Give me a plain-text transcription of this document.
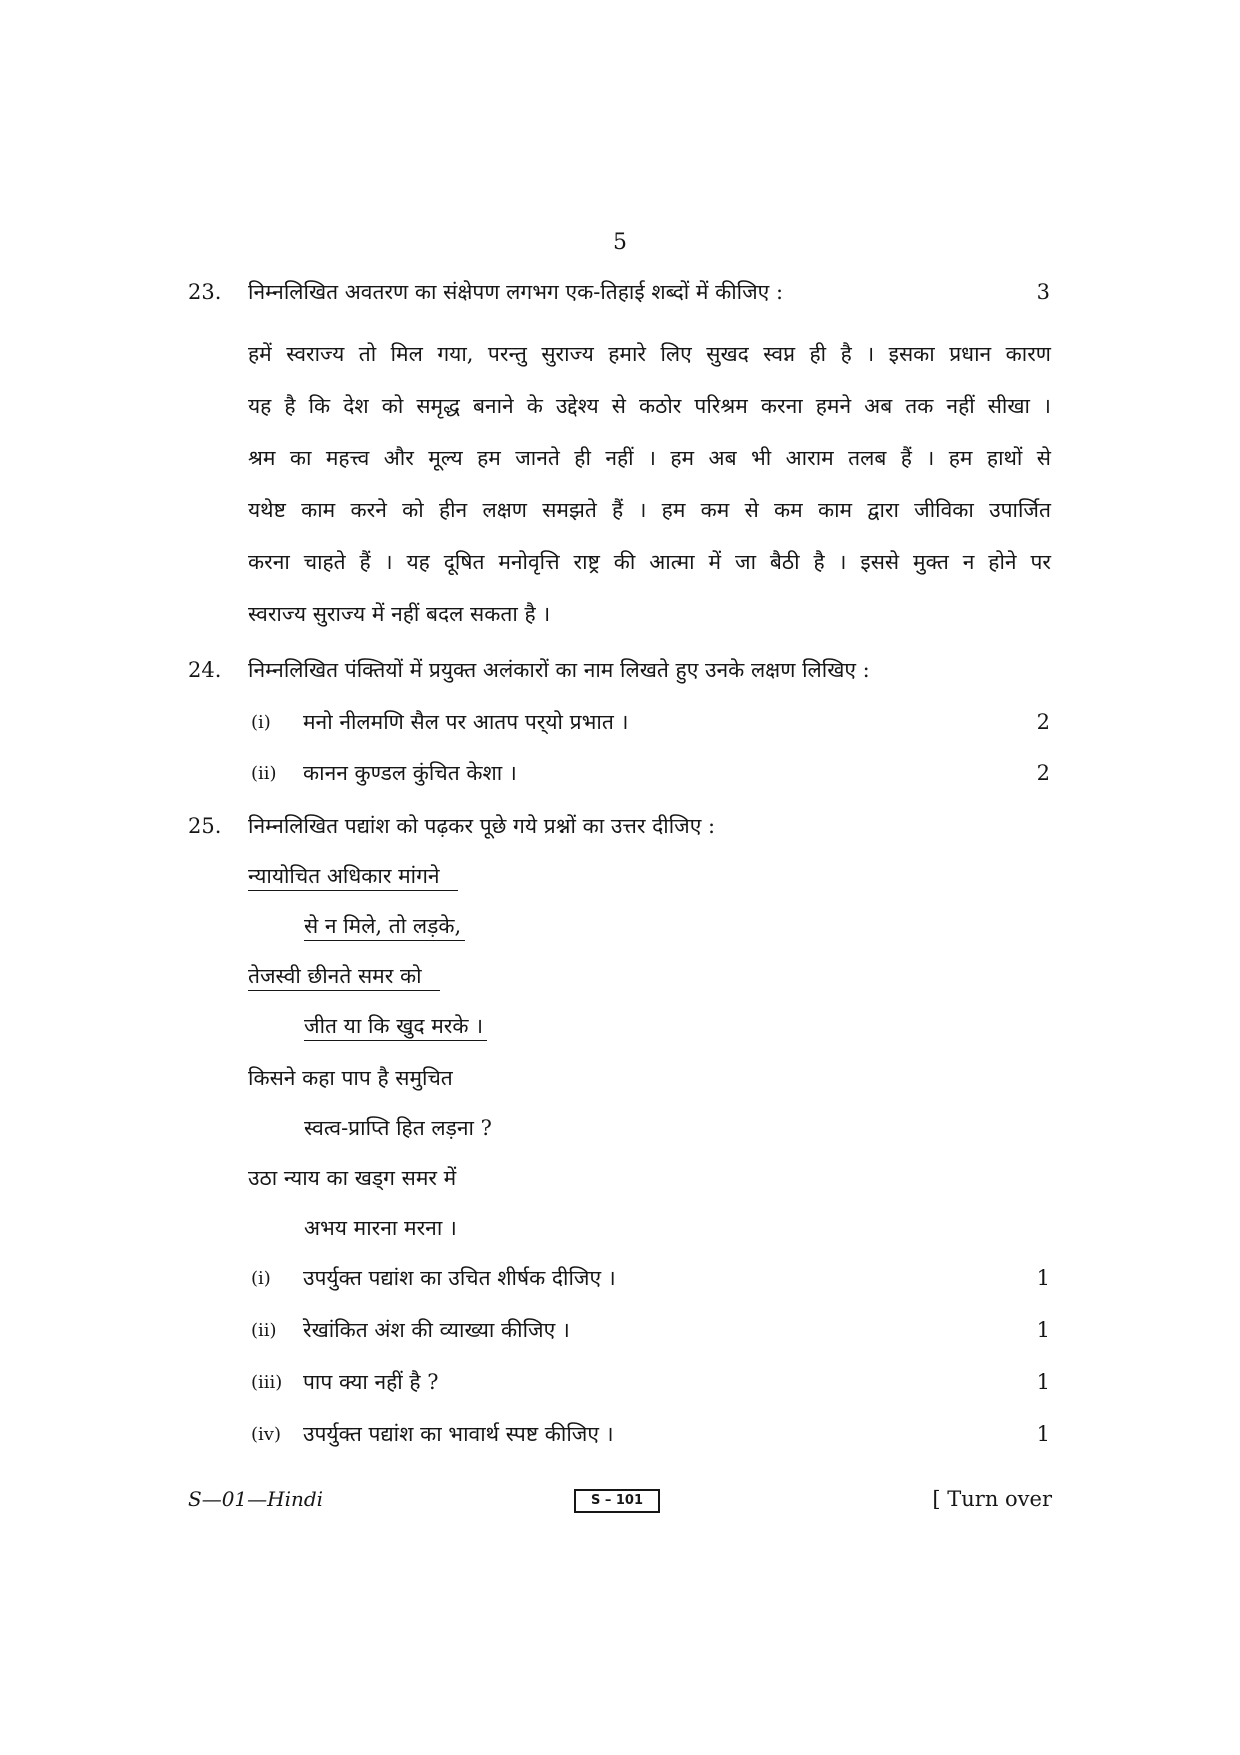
5
23. निम्नलिखित अवतरण का संक्षेपण लगभग एक-तिहाई शब्दों में कीजिए :	3
हमें स्वराज्य तो मिल गया, परन्तु सुराज्य हमारे लिए सुखद स्वप्न ही है । इसका प्रधान कारण
यह है कि देश को समृद्ध बनाने के उद्देश्य से कठोर परिश्रम करना हमने अब तक नहीं सीखा ।
श्रम का महत्त्व और मूल्य हम जानते ही नहीं । हम अब भी आराम तलब हैं । हम हाथों से
यथेष्ट काम करने को हीन लक्षण समझते हैं । हम कम से कम काम द्वारा जीविका उपार्जित
करना चाहते हैं । यह दूषित मनोवृत्ति राष्ट्र की आत्मा में जा बैठी है । इससे मुक्त न होने पर
स्वराज्य सुराज्य में नहीं बदल सकता है ।
24. निम्नलिखित पंक्तियों में प्रयुक्त अलंकारों का नाम लिखते हुए उनके लक्षण लिखिए :
(i) मनो नीलमणि सैल पर आतप पर्‌यो प्रभात ।	2
(ii) कानन कुण्डल कुंचित केशा ।	2
25. निम्नलिखित पद्यांश को पढ़कर पूछे गये प्रश्नों का उत्तर दीजिए :
न्यायोचित अधिकार मांगने
से न मिले, तो लड़के,
तेजस्वी छीनते समर को
जीत या कि खुद मरके ।
किसने कहा पाप है समुचित
स्वत्व-प्राप्ति हित लड़ना ?
उठा न्याय का खड्‌ग समर में
अभय मारना मरना ।
(i) उपर्युक्त पद्यांश का उचित शीर्षक दीजिए ।	1
(ii) रेखांकित अंश की व्याख्या कीजिए ।	1
(iii) पाप क्या नहीं है ?	1
(iv) उपर्युक्त पद्यांश का भावार्थ स्पष्ट कीजिए ।	1
S—01—Hindi	S – 101	[ Turn over
